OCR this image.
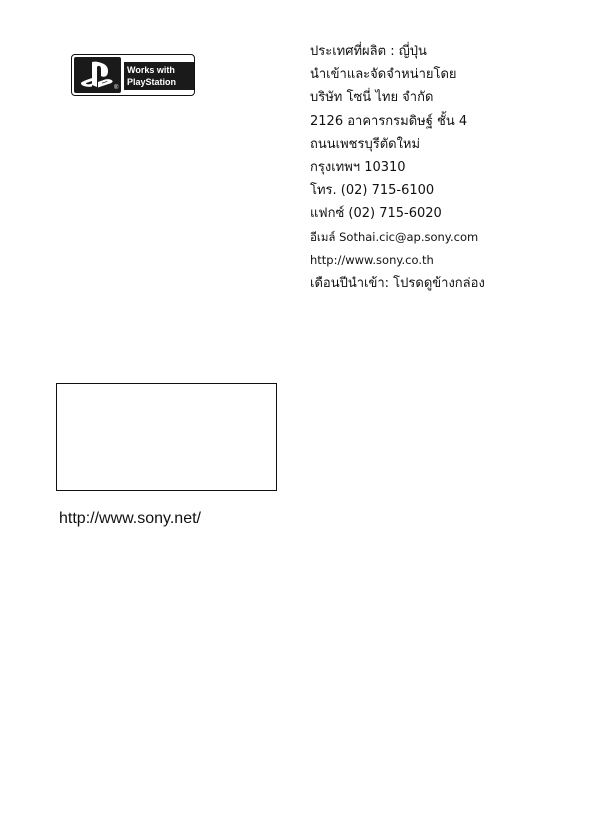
®
Works with
PlayStation
3
ประเทศที่ผลิต : ญี่ปุ่น
นำเข้าและจัดจำหน่ายโดย
บริษัท โซนี่ ไทย จำกัด
2126 อาคารกรมดิษฐ์ ชั้น 4
ถนนเพชรบุรีตัดใหม่
กรุงเทพฯ 10310
โทร. (02) 715-6100
แฟกซ์ (02) 715-6020
อีเมล์ Sothai.cic@ap.sony.com
http://www.sony.co.th
เดือนปีนำเข้า: โปรดดูข้างกล่อง
http://www.sony.net/
